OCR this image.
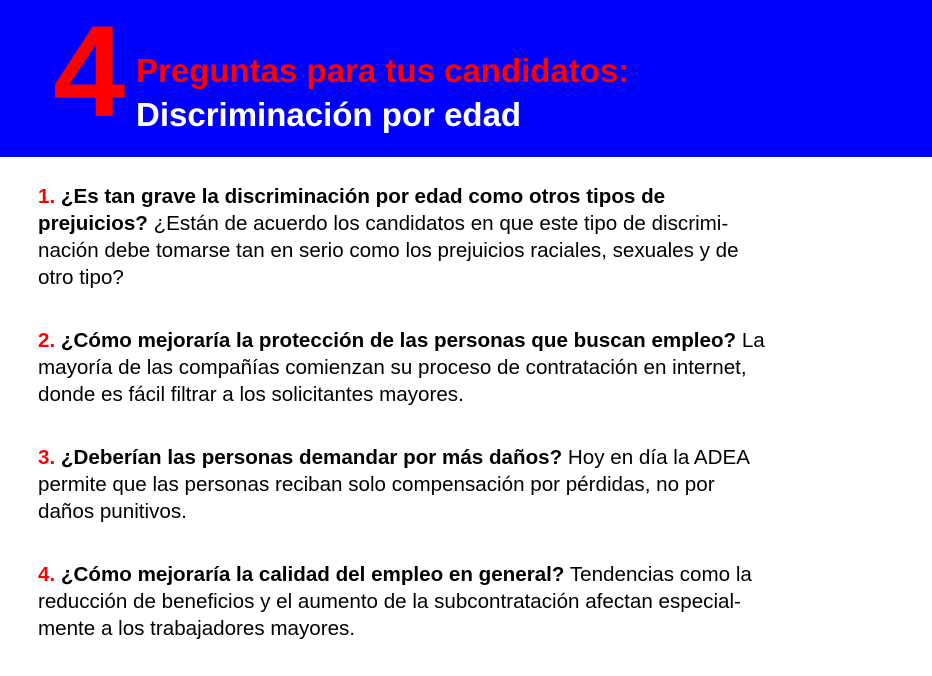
4 Preguntas para tus candidatos:
Discriminación por edad
1. ¿Es tan grave la discriminación por edad como otros tipos de
prejuicios? ¿Están de acuerdo los candidatos en que este tipo de discrimi-
nación debe tomarse tan en serio como los prejuicios raciales, sexuales y de
otro tipo?
2. ¿Cómo mejoraría la protección de las personas que buscan empleo? La
mayoría de las compañías comienzan su proceso de contratación en internet,
donde es fácil filtrar a los solicitantes mayores.
3. ¿Deberían las personas demandar por más daños? Hoy en día la ADEA
permite que las personas reciban solo compensación por pérdidas, no por
daños punitivos.
4. ¿Cómo mejoraría la calidad del empleo en general? Tendencias como la
reducción de beneficios y el aumento de la subcontratación afectan especial-
mente a los trabajadores mayores.
